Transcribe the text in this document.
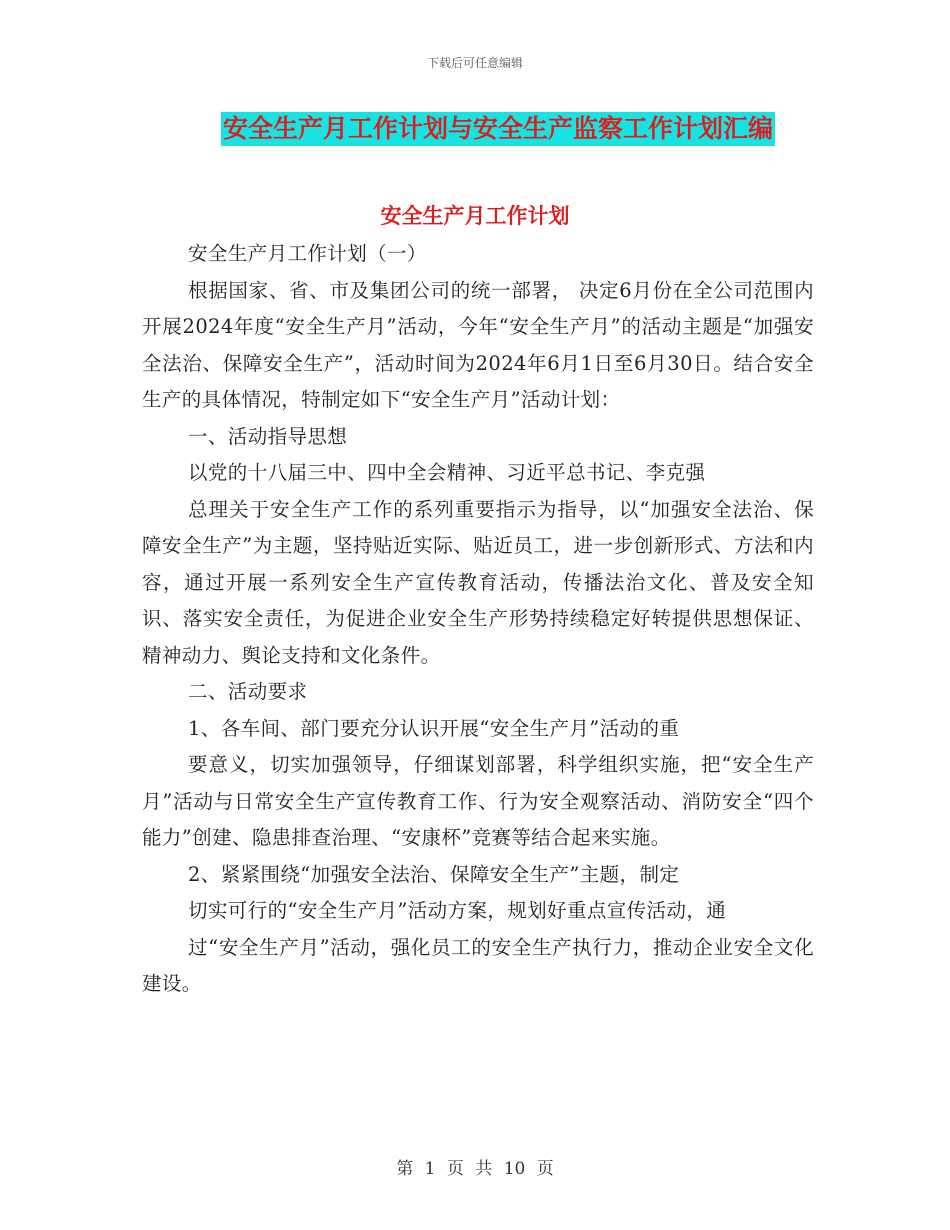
下载后可任意编辑
安全生产月工作计划与安全生产监察工作计划汇编
安全生产月工作计划

安全生产月工作计划（一）

根据国家、省、市及集团公司的统一部署， 决定6月份在全公司范围内开展2024年度“安全生产月”活动，今年“安全生产月”的活动主题是“加强安全法治、保障安全生产”，活动时间为2024年6月1日至6月30日。结合安全生产的具体情况，特制定如下“安全生产月”活动计划：

一、活动指导思想

以党的十八届三中、四中全会精神、习近平总书记、李克强

总理关于安全生产工作的系列重要指示为指导，以“加强安全法治、保障安全生产”为主题，坚持贴近实际、贴近员工，进一步创新形式、方法和内容，通过开展一系列安全生产宣传教育活动，传播法治文化、普及安全知识、落实安全责任，为促进企业安全生产形势持续稳定好转提供思想保证、精神动力、舆论支持和文化条件。

二、活动要求

1、各车间、部门要充分认识开展“安全生产月”活动的重

要意义，切实加强领导，仔细谋划部署，科学组织实施，把“安全生产月”活动与日常安全生产宣传教育工作、行为安全观察活动、消防安全“四个能力”创建、隐患排查治理、“安康杯”竞赛等结合起来实施。

2、紧紧围绕“加强安全法治、保障安全生产”主题，制定

切实可行的“安全生产月”活动方案，规划好重点宣传活动，通

过“安全生产月”活动，强化员工的安全生产执行力，推动企业安全文化建设。

第 1 页 共 10 页
